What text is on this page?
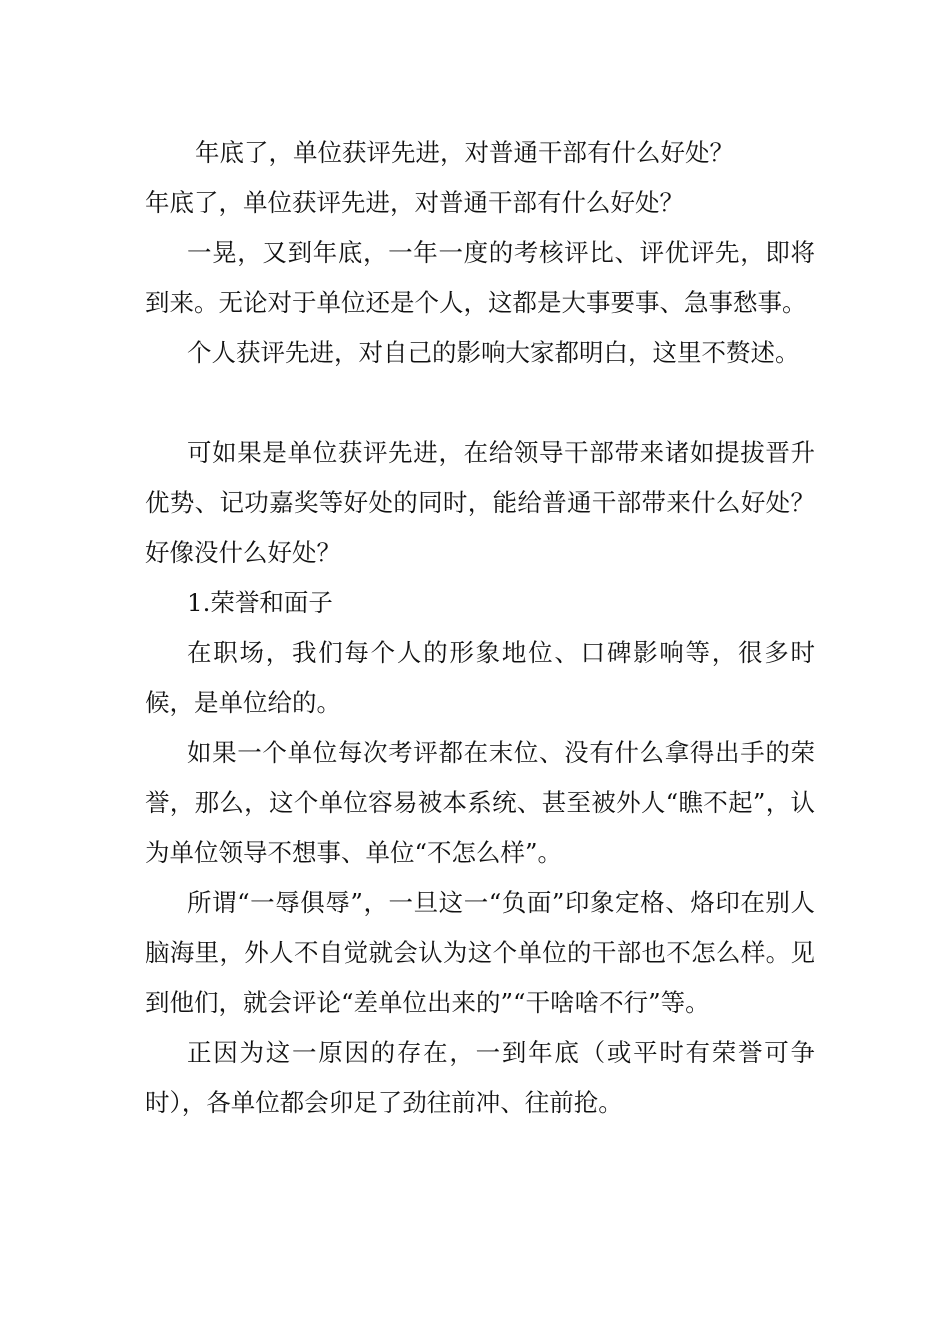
年底了，单位获评先进，对普通干部有什么好处？

年底了，单位获评先进，对普通干部有什么好处？

一晃，又到年底，一年一度的考核评比、评优评先，即将到来。无论对于单位还是个人，这都是大事要事、急事愁事。

个人获评先进，对自己的影响大家都明白，这里不赘述。

可如果是单位获评先进，在给领导干部带来诸如提拔晋升优势、记功嘉奖等好处的同时，能给普通干部带来什么好处？好像没什么好处？

1.荣誉和面子

在职场，我们每个人的形象地位、口碑影响等，很多时候，是单位给的。

如果一个单位每次考评都在末位、没有什么拿得出手的荣誉，那么，这个单位容易被本系统、甚至被外人“瞧不起”，认为单位领导不想事、单位“不怎么样”。

所谓“一辱俱辱”，一旦这一“负面”印象定格、烙印在别人脑海里，外人不自觉就会认为这个单位的干部也不怎么样。见到他们，就会评论“差单位出来的”“干啥啥不行”等。

正因为这一原因的存在，一到年底（或平时有荣誉可争时），各单位都会卯足了劲往前冲、往前抢。
